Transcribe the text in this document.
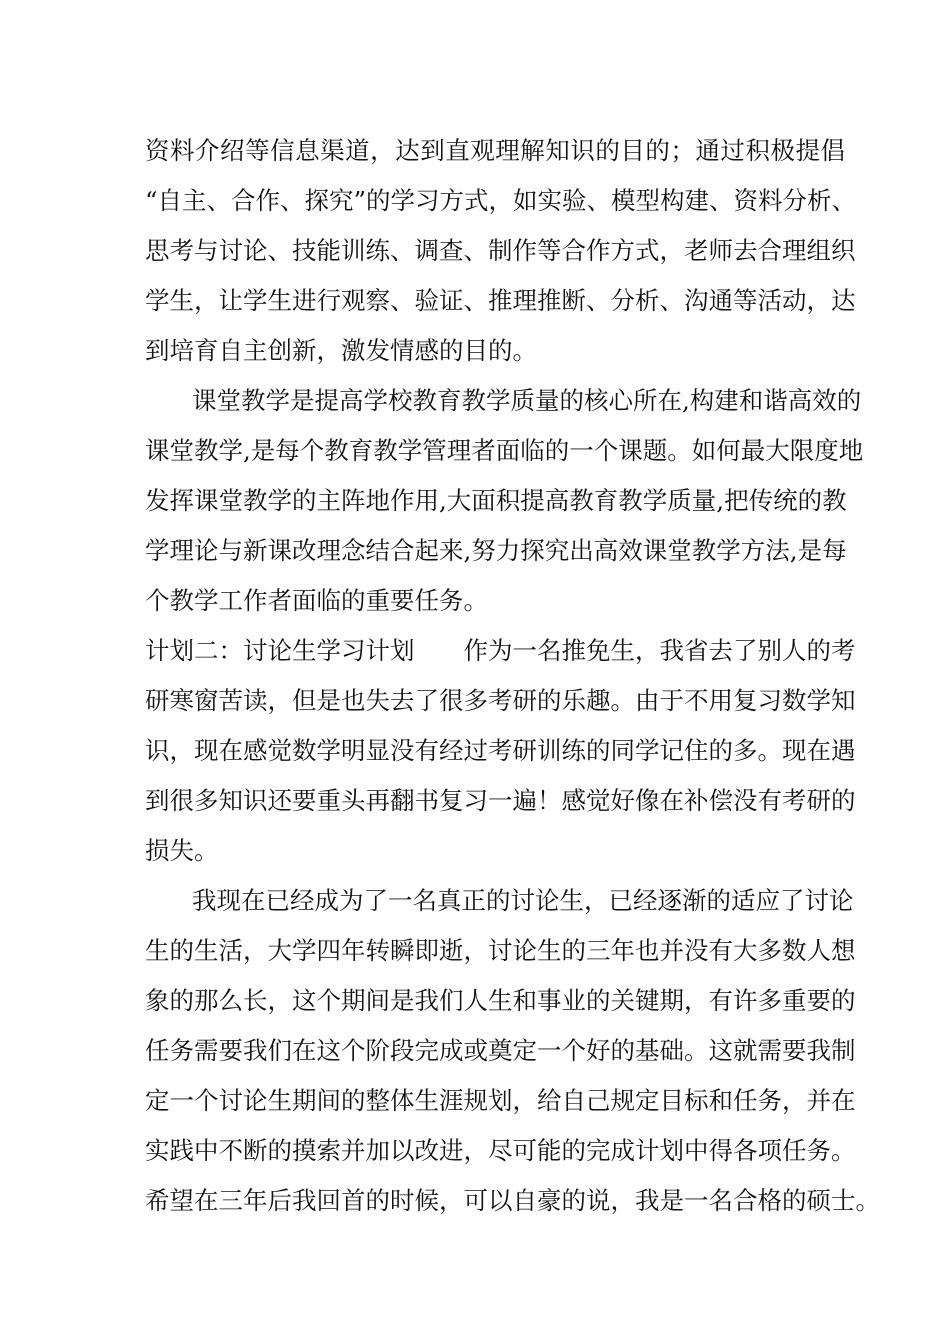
资料介绍等信息渠道，达到直观理解知识的目的；通过积极提倡
“自主、合作、探究”的学习方式，如实验、模型构建、资料分析、
思考与讨论、技能训练、调查、制作等合作方式，老师去合理组织
学生，让学生进行观察、验证、推理推断、分析、沟通等活动，达
到培育自主创新，激发情感的目的。
课堂教学是提高学校教育教学质量的核心所在,构建和谐高效的
课堂教学,是每个教育教学管理者面临的一个课题。如何最大限度地
发挥课堂教学的主阵地作用,大面积提高教育教学质量,把传统的教
学理论与新课改理念结合起来,努力探究出高效课堂教学方法,是每
个教学工作者面临的重要任务。
计划二：讨论生学习计划　　作为一名推免生，我省去了别人的考
研寒窗苦读，但是也失去了很多考研的乐趣。由于不用复习数学知
识，现在感觉数学明显没有经过考研训练的同学记住的多。现在遇
到很多知识还要重头再翻书复习一遍！感觉好像在补偿没有考研的
损失。
我现在已经成为了一名真正的讨论生，已经逐渐的适应了讨论
生的生活，大学四年转瞬即逝，讨论生的三年也并没有大多数人想
象的那么长，这个期间是我们人生和事业的关键期，有许多重要的
任务需要我们在这个阶段完成或奠定一个好的基础。这就需要我制
定一个讨论生期间的整体生涯规划，给自己规定目标和任务，并在
实践中不断的摸索并加以改进，尽可能的完成计划中得各项任务。
希望在三年后我回首的时候，可以自豪的说，我是一名合格的硕士。
